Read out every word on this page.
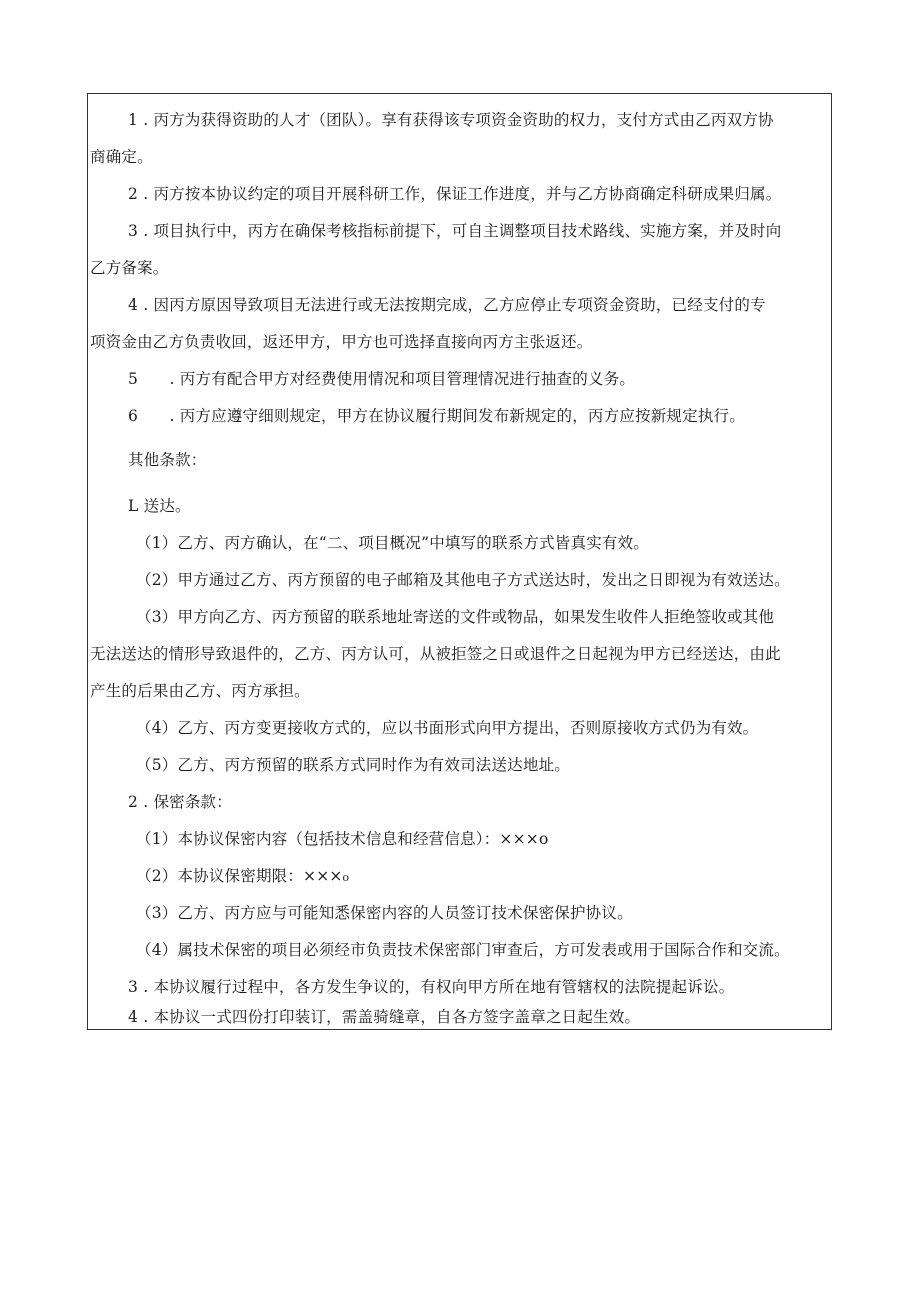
1 . 丙方为获得资助的人才（团队）。享有获得该专项资金资助的权力，支付方式由乙丙双方协
商确定。
2 . 丙方按本协议约定的项目开展科研工作，保证工作进度，并与乙方协商确定科研成果归属。
3 . 项目执行中，丙方在确保考核指标前提下，可自主调整项目技术路线、实施方案，并及时向
乙方备案。
4 . 因丙方原因导致项目无法进行或无法按期完成，乙方应停止专项资金资助，已经支付的专
项资金由乙方负责收回，返还甲方，甲方也可选择直接向丙方主张返还。
5　　. 丙方有配合甲方对经费使用情况和项目管理情况进行抽查的义务。
6　　. 丙方应遵守细则规定，甲方在协议履行期间发布新规定的，丙方应按新规定执行。
其他条款：
L 送达。
（1）乙方、丙方确认，在“二、项目概况”中填写的联系方式皆真实有效。
（2）甲方通过乙方、丙方预留的电子邮箱及其他电子方式送达时，发出之日即视为有效送达。
（3）甲方向乙方、丙方预留的联系地址寄送的文件或物品，如果发生收件人拒绝签收或其他
无法送达的情形导致退件的，乙方、丙方认可，从被拒签之日或退件之日起视为甲方已经送达，由此
产生的后果由乙方、丙方承担。
（4）乙方、丙方变更接收方式的，应以书面形式向甲方提出，否则原接收方式仍为有效。
（5）乙方、丙方预留的联系方式同时作为有效司法送达地址。
2 . 保密条款：
（1）本协议保密内容（包括技术信息和经营信息）：×××o
（2）本协议保密期限：×××₀
（3）乙方、丙方应与可能知悉保密内容的人员签订技术保密保护协议。
（4）属技术保密的项目必须经市负责技术保密部门审查后，方可发表或用于国际合作和交流。
3 . 本协议履行过程中，各方发生争议的，有权向甲方所在地有管辖权的法院提起诉讼。
4 . 本协议一式四份打印装订，需盖骑缝章，自各方签字盖章之日起生效。
